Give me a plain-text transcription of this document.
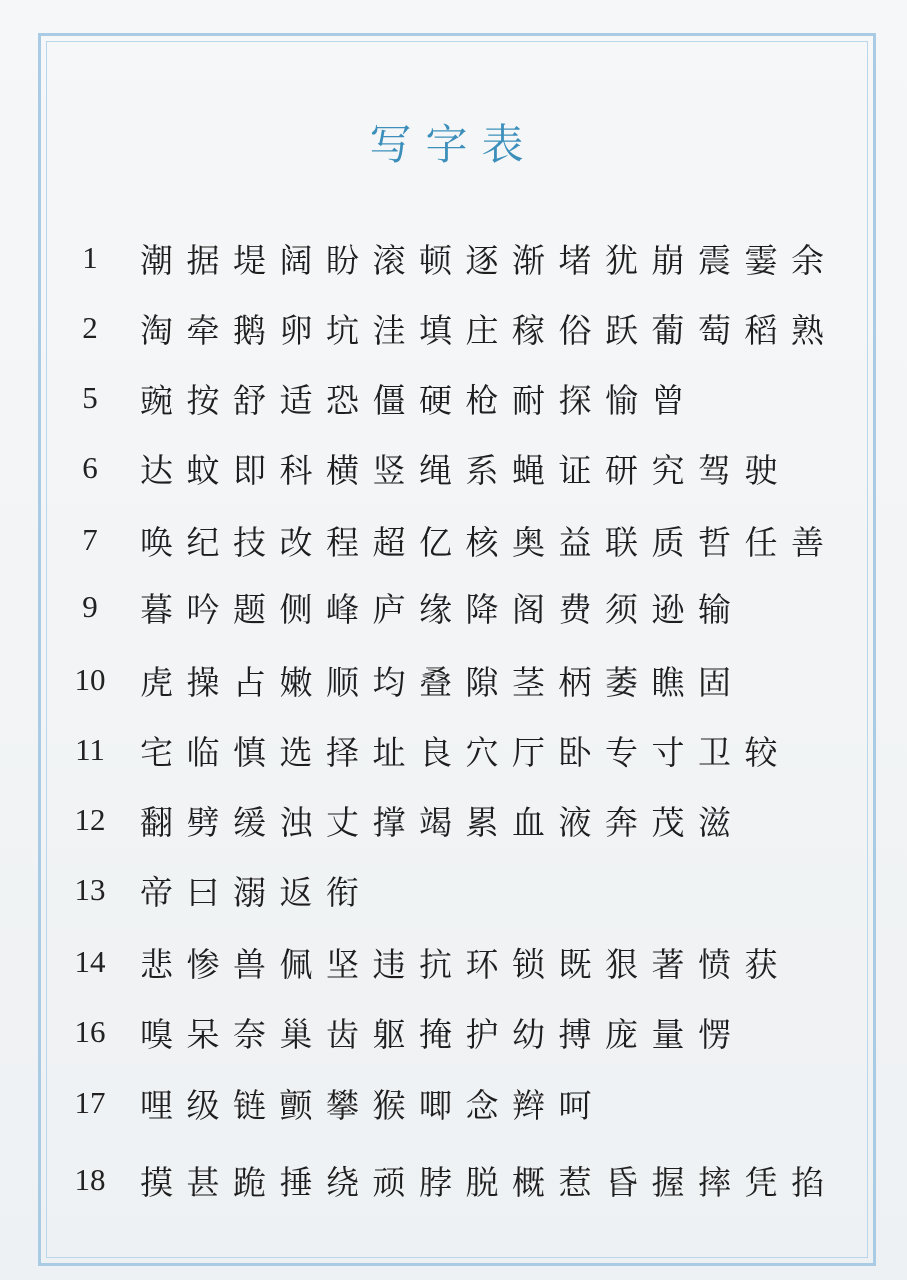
写字表
1	潮据堤阔盼滚顿逐渐堵犹崩震霎余
2	淘牵鹅卵坑洼填庄稼俗跃葡萄稻熟
5	豌按舒适恐僵硬枪耐探愉曾
6	达蚊即科横竖绳系蝇证研究驾驶
7	唤纪技改程超亿核奥益联质哲任善
9	暮吟题侧峰庐缘降阁费须逊输
10	虎操占嫩顺均叠隙茎柄萎瞧固
11	宅临慎选择址良穴厅卧专寸卫较
12	翻劈缓浊丈撑竭累血液奔茂滋
13	帝曰溺返衔
14	悲惨兽佩坚违抗环锁既狠著愤获
16	嗅呆奈巢齿躯掩护幼搏庞量愣
17	哩级链颤攀猴唧念辫呵
18	摸甚跪捶绕顽脖脱概惹昏握摔凭掐
